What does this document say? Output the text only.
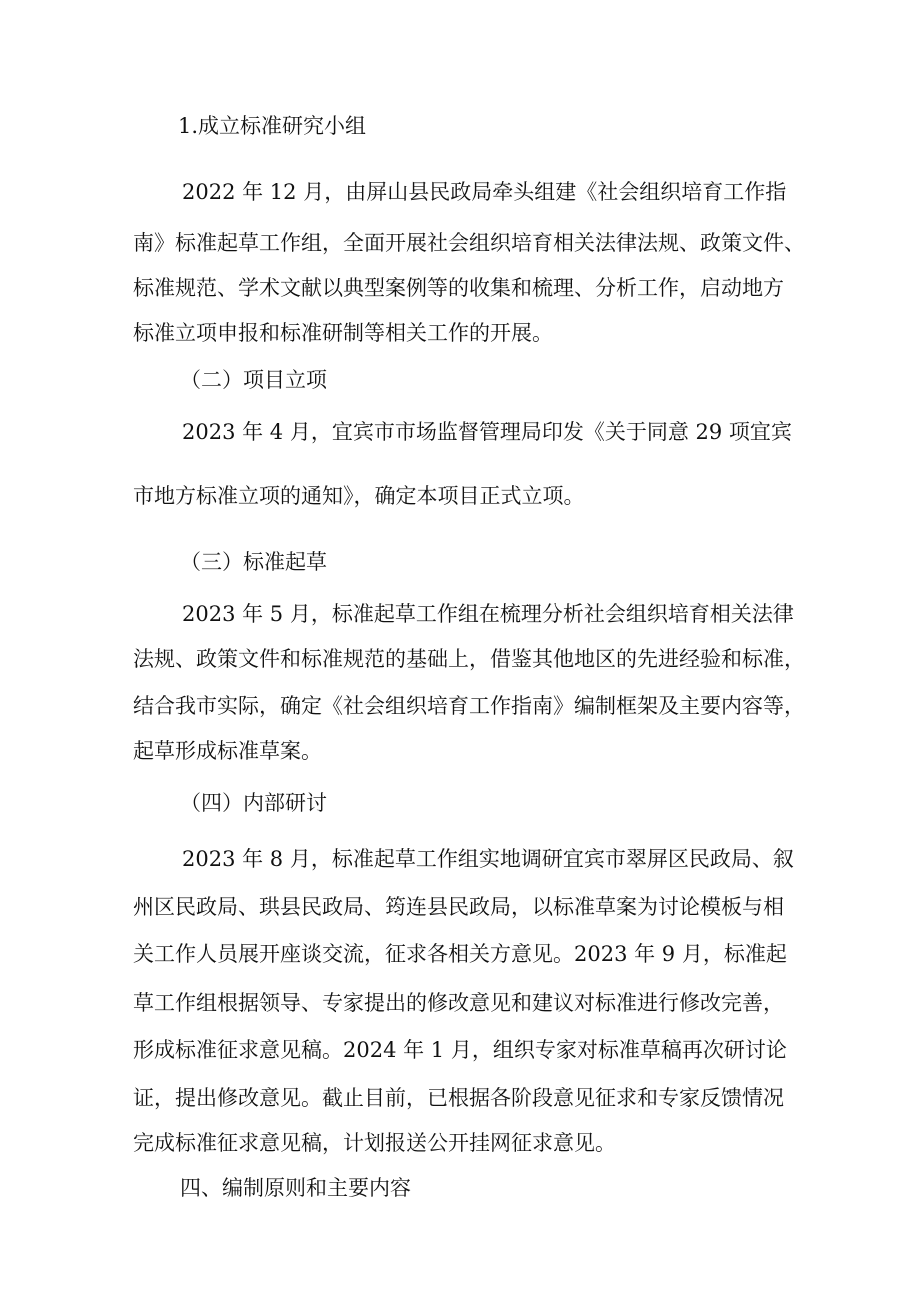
1.成立标准研究小组
2022 年 12 月，由屏山县民政局牵头组建《社会组织培育工作指
南》标准起草工作组，全面开展社会组织培育相关法律法规、政策文件、
标准规范、学术文献以典型案例等的收集和梳理、分析工作，启动地方
标准立项申报和标准研制等相关工作的开展。
（二）项目立项
2023 年 4 月，宜宾市市场监督管理局印发《关于同意 29 项宜宾
市地方标准立项的通知》，确定本项目正式立项。
（三）标准起草
2023 年 5 月，标准起草工作组在梳理分析社会组织培育相关法律
法规、政策文件和标准规范的基础上，借鉴其他地区的先进经验和标准，
结合我市实际，确定《社会组织培育工作指南》编制框架及主要内容等，
起草形成标准草案。
（四）内部研讨
2023 年 8 月，标准起草工作组实地调研宜宾市翠屏区民政局、叙
州区民政局、珙县民政局、筠连县民政局，以标准草案为讨论模板与相
关工作人员展开座谈交流，征求各相关方意见。2023 年 9 月，标准起
草工作组根据领导、专家提出的修改意见和建议对标准进行修改完善，
形成标准征求意见稿。2024 年 1 月，组织专家对标准草稿再次研讨论
证，提出修改意见。截止目前，已根据各阶段意见征求和专家反馈情况
完成标准征求意见稿，计划报送公开挂网征求意见。
四、编制原则和主要内容
